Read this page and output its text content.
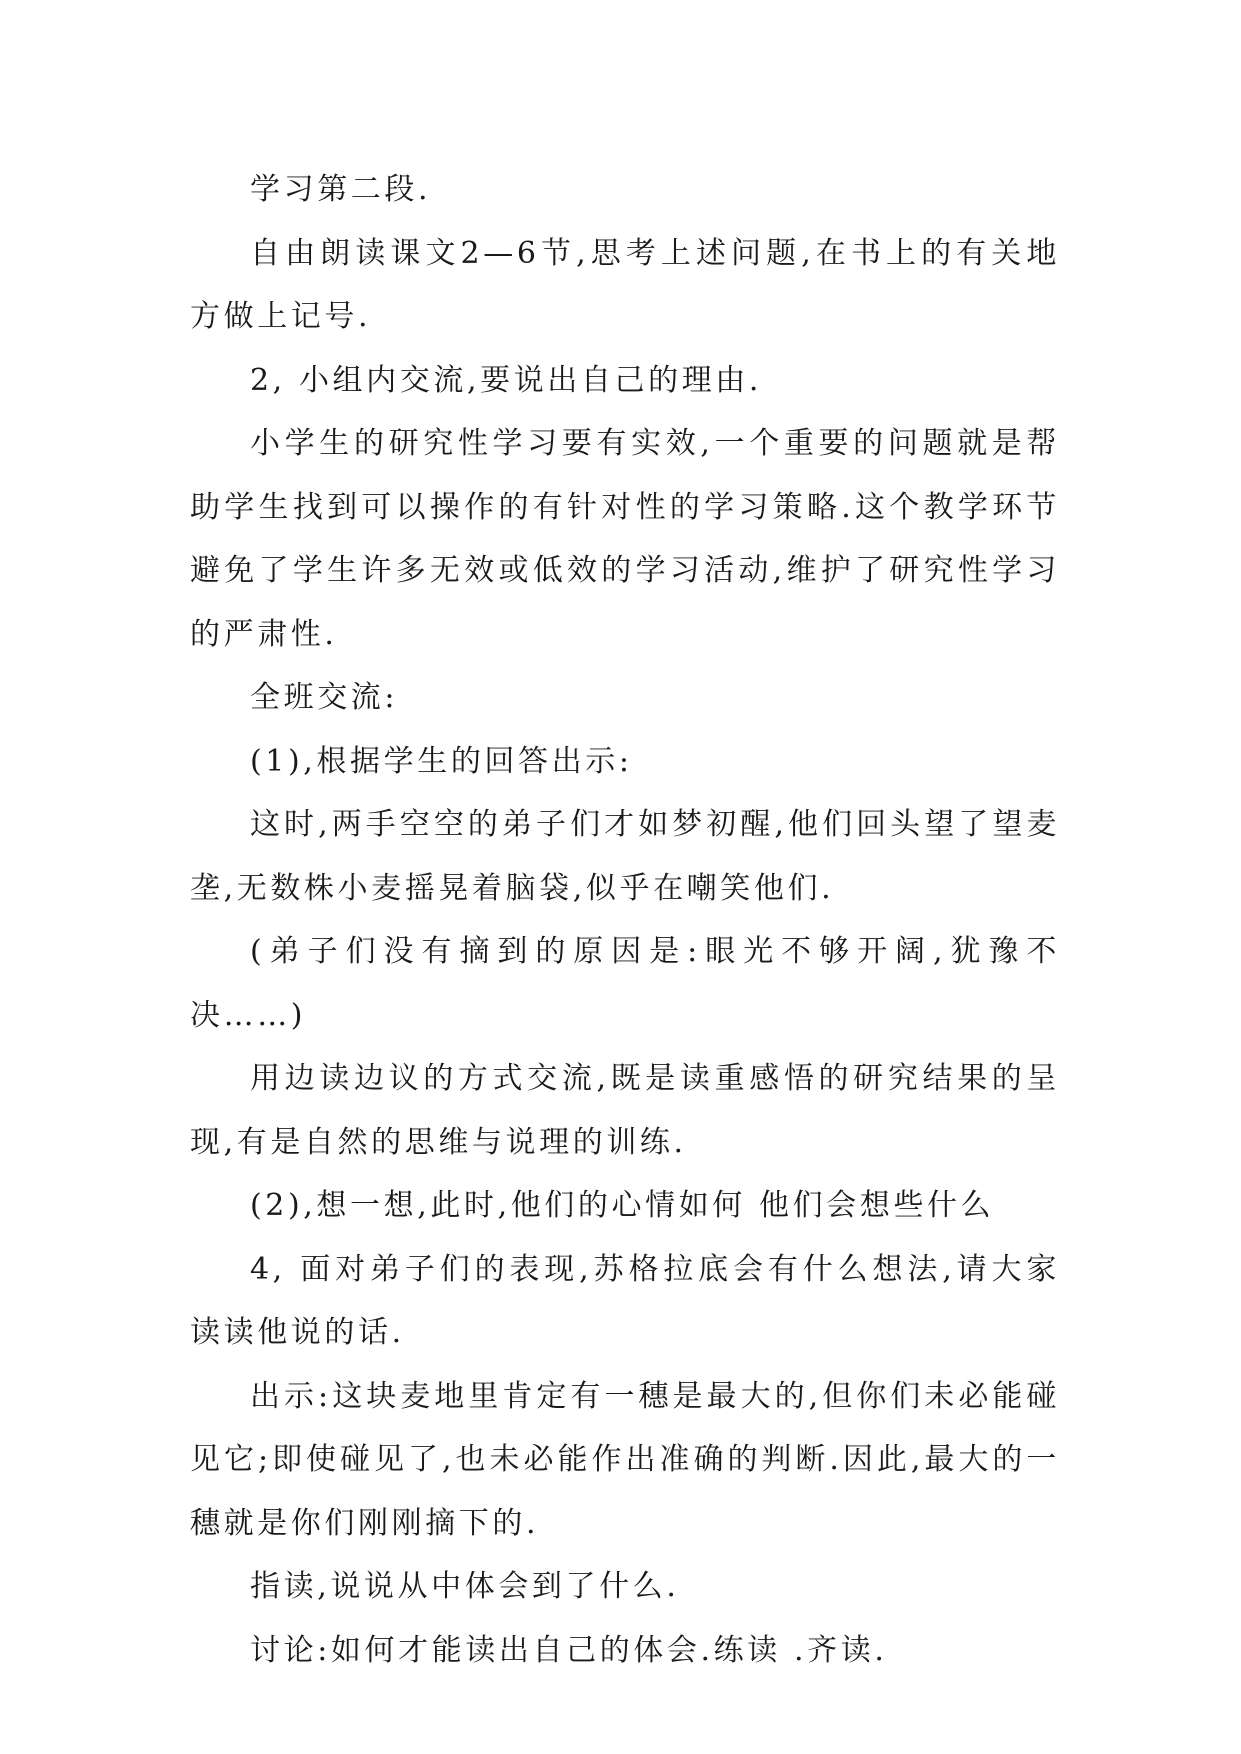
学习第二段.

自由朗读课文2—6节,思考上述问题,在书上的有关地方做上记号.

2, 小组内交流,要说出自己的理由.

小学生的研究性学习要有实效,一个重要的问题就是帮助学生找到可以操作的有针对性的学习策略.这个教学环节避免了学生许多无效或低效的学习活动,维护了研究性学习的严肃性.

全班交流:

(1),根据学生的回答出示:

这时,两手空空的弟子们才如梦初醒,他们回头望了望麦垄,无数株小麦摇晃着脑袋,似乎在嘲笑他们.

(弟子们没有摘到的原因是:眼光不够开阔,犹豫不决……)

用边读边议的方式交流,既是读重感悟的研究结果的呈现,有是自然的思维与说理的训练.

(2),想一想,此时,他们的心情如何 他们会想些什么

4, 面对弟子们的表现,苏格拉底会有什么想法,请大家读读他说的话.

出示:这块麦地里肯定有一穗是最大的,但你们未必能碰见它;即使碰见了,也未必能作出准确的判断.因此,最大的一穗就是你们刚刚摘下的.

指读,说说从中体会到了什么.

讨论:如何才能读出自己的体会.练读 .齐读.
